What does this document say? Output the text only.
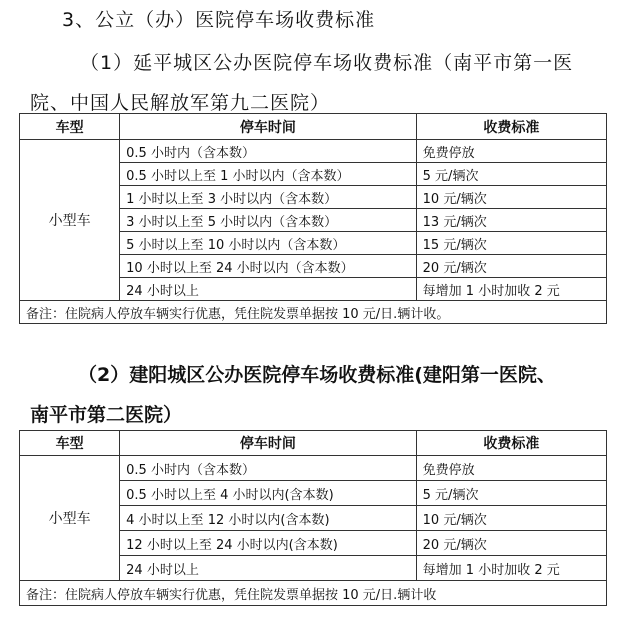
3、公立（办）医院停车场收费标准
（1）延平城区公办医院停车场收费标准（南平市第一医
院、中国人民解放军第九二医院）
车型	停车时间	收费标准
小型车	0.5 小时内（含本数）	免费停放
	0.5 小时以上至 1 小时以内（含本数）	5 元/辆次
	1 小时以上至 3 小时以内（含本数）	10 元/辆次
	3 小时以上至 5 小时以内（含本数）	13 元/辆次
	5 小时以上至 10 小时以内（含本数）	15 元/辆次
	10 小时以上至 24 小时以内（含本数）	20 元/辆次
	24 小时以上	每增加 1 小时加收 2 元
备注：住院病人停放车辆实行优惠，凭住院发票单据按 10 元/日.辆计收。		
（2）建阳城区公办医院停车场收费标准(建阳第一医院、
南平市第二医院）
车型	停车时间	收费标准
小型车	0.5 小时内（含本数）	免费停放
	0.5 小时以上至 4 小时以内(含本数)	5 元/辆次
	4 小时以上至 12 小时以内(含本数)	10 元/辆次
	12 小时以上至 24 小时以内(含本数)	20 元/辆次
	24 小时以上	每增加 1 小时加收 2 元
备注：住院病人停放车辆实行优惠，凭住院发票单据按 10 元/日.辆计收		
